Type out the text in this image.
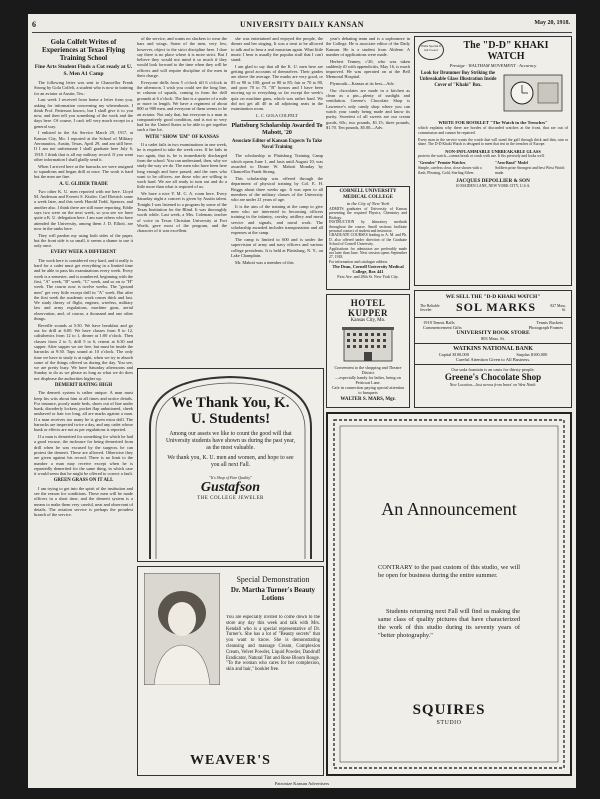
6	UNIVERSITY DAILY KANSAN	May 20, 1918.
Gola Colfelt Writes of Experiences at Texas Flying Training School
Fine Arts Student Finds a Cot ready at U. S. Men A1 Camp

The following letter was sent to Chancellor Frank Strong by Gola Colfelt, a student who is now in training for an aviator at Austin, Tex.:

Last week I received from home a letter from you, asking for information concerning my whereabouts. I think Prof. Patterson knows, but I shall give it to you now, and then tell you something of the work and the days here. Of course, I can't tell very much except in a general way.

I enlisted in the Air Service March 29, 1917, at Kansas City, Mo. I reported at the School of Military Aeronautics, Austin, Texas, April 29, and am still here. If I am not unfortunate I shall graduate here July 6, 1918. I think that is all my military record. If you want other information I shall gladly send it.

When I arrived here at the barracks we were assigned to squadrons and began drill at once. The work is hard but the men are fine.

A. U. GLIDER TRADE

Two other K. U. men reported with me here. Lloyd M. Anderson and Everett S. Kistler. Carl Dietrich came a week later, and this week Harold Todd, Spencer, and another also. I think there are still more reporting. Eddie says two were on the next week, so you see we have quite a K. U. delegation here. I am sure others who have attended the University, among them J. D. Elliott, are now in the ranks here.

They will pardon my using both sides of the paper, but the front side is so small, it seems a shame to use it only once.

EVERY WEEK A DIFFERENT

The work here is considered very hard, and it really is hard for a cadet must get everything in a limited time and be able to pass his examinations every week. Every week is a semester, and is numbered, beginning with the first, "A" week, "B" week, "C" week, and so on to "H" week. The course now is twelve weeks. The "ground men" get very little except drill in "A" week. But after the first week the academic work comes thick and fast. We study theory of flight, engines, wireless, military law and army regulations, machine guns, aerial observation, and, of course, a thousand and one other things.

Reveille sounds at 5:30. We have breakfast and go out for drill at 6:00. We have classes from 8 to 12, calisthenics from 12 to 1, dinner at 1:00 o'clock. Then classes from 2 to 5, drill 5 to 6, retreat at 6:30 and supper. After supper we are free, but must be inside the barracks at 9:30. Taps sound at 10 o'clock. The only time we have to study is at night, when we try to absorb some of the things offered us during the day. You see, we are pretty busy. We have Saturday afternoons and Sunday to do as we please as long as what we do does not displease the authorities higher up.

DEMERIT RATING HIGH

The demerit system is rather unique. A man must keep his wits about him at all times and notice details. For instance, poorly made beds, shoes out of line under bunk, disorderly lockers, pocket flap unbuttoned, cheek unshaved or hair too long, all are marks against a man. If a man receives too many he is given extra drill. The barracks are inspected twice a day, and any cadet whose bunk or effects are not as per regulations is reported.

If a man is demerited for something for which he had a good excuse, the inclosure for being demerited from drill when he was excused by the surgeon, he can protest the demerit. These are allowed. Otherwise they are given against his record. There is no limit to the number a man may receive except when he is repeatedly demerited for the same thing, in which case it would seem that he might be offered to correct a fault.

GREEN GRASS ON IT ALL

I am trying to get into the spirit of the institution and see the reason for conditions. These men will be made officers in a short time, and the demerit system is a means to make them very careful, neat and observant of details. The aviation service is perhaps the proudest branch of the service.

of the service, and wants no slackers to wear the bars and wings. Some of the men, very few, however, object to the strict discipline here. I dare say there is no place where it is more strict. But I believe they would not mind it so much if they would look forward to the time when they will be officers and will require discipline of the men in their charge.

Everyone drills from 5 o'clock till 6 o'clock in the afternoon. I wish you could see the long line, in column of squads, coming in from the drill grounds at 6 o'clock. The line is a quarter of a mile or more in length. We have a regiment of about 800 or 900 men, and everyone of them seems to be an aviator. Not only that, but everyone is a man in comparatively good condition, and is not so very bad for the United States to be able to get together such a fine lot.

WITH "SHOW 'EM" OF KANSAS

If a cadet fails in two examinations in one week, he is required to take the week over. If he fails in two again, that is, he is immediately discharged from the school. You can understand, then, why we study the way we do. The men who have been here long enough and have passed, and the ones who want to be officers, are those who are willing to work hard. We are all ready to turn out and do a little more than what is required of us.

We have a nice Y. M. C. A. room here. Every Saturday night a concert is given by Austin talent. Tonight I was listened to a program by some of the Texas Institution for the Blind. It was thoroughly worth while. Last week, a Mrs. Coleman, teacher of voice in Texas Christian University at Fort Worth, gave most of the program, and the character of it was excellent.

she was entertained and enjoyed the people, the dinner and her singing. It was a treat to be allowed to talk and to hear a real musician again. What little music I hear is usually the popular stuff that I can't stand.

I am glad to say that all the K. U. men here are getting good accounts of themselves. Their grades are above the average. The marks are very good, or 85 or 90 to 100; good or 80 to 85; fair or 70 to 80, and poor 70 to 75. "B" honors and I have been moving up to everything so far except the week's quiz on machine guns, which was rather hard. We did not get all 40 in all adjoining seats in the examination room.

L. C. GOLA COLFELT
Plattsburg Scholarship Awarded To Mabott, '20
Associate Editor of Kansan Expects To Take Naval Training

The scholarship to Plattsburg Training Camp which opens June 1, and lasts until August 10, was awarded to Deane W. Mabott Monday by Chancellor Frank Strong.

This scholarship was offered through the department of physical training by Col. E. H. Briggs about three weeks ago. It was open to all members of the military classes of the University who are under 21 years of age.

It is the aim of the training at the camp to give men who are interested in becoming officers training in the infantry, cavalry, artillery and naval service and signals, and naval work. The scholarship awarded includes transportation and all expenses at the camp.

The camp is limited to 600 and is under the supervision of army and navy officers and various college presidents. It is held at Plattsburg, N. Y., on Lake Champlain.

Mr. Mabott was a member of this

year's debating team and is a sophomore in the College. He is associate editor of the Daily Kansan. He is a student from Abilene. A number of applications were made.

Herbert Tenney, c'20, who was taken suddenly ill with appendicitis, May 16, is much improved. He was operated on at the Bell Memorial Hospital.

Plymouth—Kansas at its best—Adv.

Our chocolates are made in a kitchen as clean as a pin—plenty of sunlight and ventilation. Greene's Chocolate Shop is Lawrence's only candy shop where you can watch your candy being made and know its purity. Sweetest of all sweets are our cream goods, 60c; two pounds, $1.15; three pounds, $1.70. Ten pounds, $5.00—Adv.

CORNELL UNIVERSITY MEDICAL COLLEGE
in the City of New York
ADMITS graduates of University of Kansas presenting the required Physics, Chemistry and Biology.
INSTRUCTION by laboratory methods throughout the course. Small sections facilitate personal contact of student and instructor.
GRADUATE COURSES leading to A. M. and Ph. D. also offered under direction of the Graduate School of Cornell University.
Applications for admission are preferably made not later than June. Next session opens September 27, 1918.
For information and catalogue address
The Dean, Cornell University Medical College, Box 441
First Ave. and 28th St. New York City.
HOTEL KUPPER
Kansas City, Mo.
Convenient to the shopping and Theatre District
—especially handy for ladies, being on Petticoat Lane.
Cafe in connection paying special attention to banquets
WALTER S. MARS, Mgr.
Wells Special It Isn't Good	The "D-D" KHAKI WATCH
Prestige · WALTHAM MOVEMENT · Accuracy
Look for Drummer Boy Striking the Unbreakable Glass Illustration Inside Cover of "Khaki" Box.
WRITE FOR BOOKLET "The Watch in the Trenches"
which explains why there are hordes of discarded watches at the front, that are out of commission and cannot be repaired.
Every man in the service wants the watch that will stand the gaff through thick and thin, rain or shine. The D-D Khaki Watch is designed to meet that test in the trenches of Europe.
NON-INFLAMMABLE UNBREAKABLE GLASS
protects the watch—cannot break or crack with use. It fits precisely and looks well.
"Greenlee" Premier Watches
Simple, careless clear, close shown with a flash. Pleasing, Gold, Sterling Silver.
"Arm-Band" Model
Soldiers prize Strongest and best Wrist Watch made.
JACQUES DEPOLLIER & SON
10 MAIDEN LANE, NEW YORK CITY, U.S.A.
WE SELL THE "D-D KHAKI WATCH"
The Reliable Jeweler	SOL MARKS	827 Mass. St.
1918 Tennis Balls
Commencement Gifts
Tennis Rackets
Photograph Frames
UNIVERSITY BOOK STORE
803 Mass. St.
WATKINS NATIONAL BANK
Capital $100,000	Surplus $100,000
Careful Attention Given to All Business.
Our soda fountain is an oasis for thirsty people.
Greene's Chocolate Shop
New Location—Just across from Innes' on West Ninth.
We Thank You, K. U. Students!
Among our assets we like to count the good will that University students have shown us during the past year, as the most valuable.
We thank you, K. U. men and women, and hope to see you all next Fall.
"It's Shop of Fine Quality"
Gustafson
THE COLLEGE JEWELER
Special Demonstration
Dr. Martha Turner's Beauty Lotions
You are especially invited to come down to the store any day this week and talk with Mrs. Kendall who is a special representative of Dr. Turner's. She has a lot of "Beauty secrets" that you want to know. She is demonstrating cleansing and massage Cream, Complexion Cream, Velvet Powder, Liquid Powder, Dandruff Eradicator, Natural Tint and Rose Bloom Rouge. "To the woman who cares for her complexion, skin and hair," booklet free.
WEAVER'S
An Announcement
CONTRARY to the past custom of this studio, we will be open for business during the entire summer.
Students returning next Fall will find us making the same class of quality pictures that have characterized the work of this studio during its seventy years of "better photography."
SQUIRES
STUDIO
Patronize Kansan Advertisers
